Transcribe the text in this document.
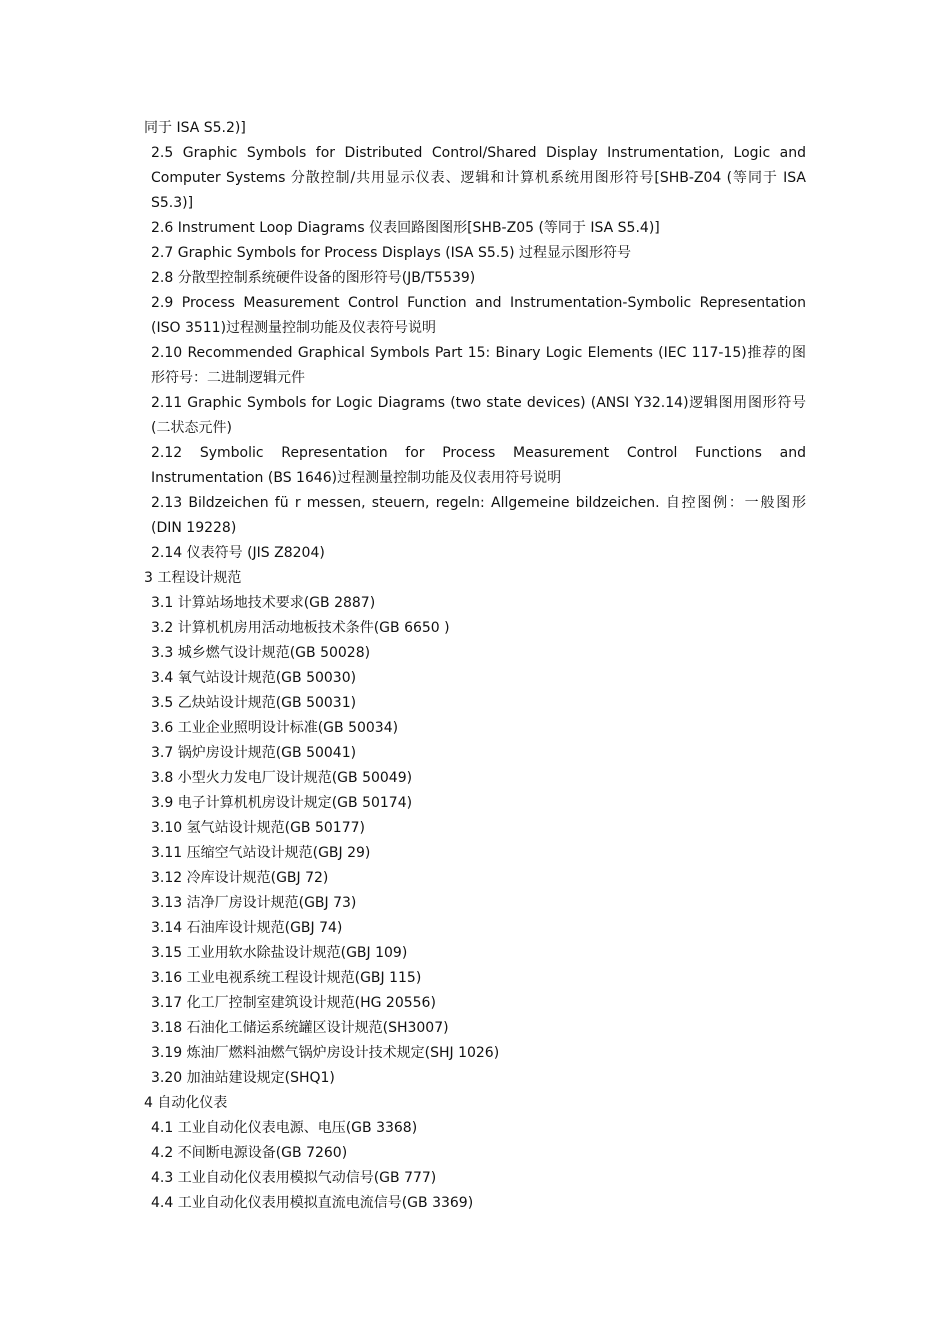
同于 ISA S5.2)]

2.5 Graphic Symbols for Distributed Control/Shared Display Instrumentation, Logic and Computer Systems 分散控制/共用显示仪表、逻辑和计算机系统用图形符号[SHB-Z04 (等同于 ISA S5.3)]

2.6 Instrument Loop Diagrams 仪表回路图图形[SHB-Z05 (等同于 ISA S5.4)]

2.7 Graphic Symbols for Process Displays (ISA S5.5) 过程显示图形符号

2.8 分散型控制系统硬件设备的图形符号(JB/T5539)

2.9 Process Measurement Control Function and Instrumentation-Symbolic Representation (ISO 3511)过程测量控制功能及仪表符号说明

2.10 Recommended Graphical Symbols Part 15: Binary Logic Elements (IEC 117-15)推荐的图形符号：二进制逻辑元件

2.11 Graphic Symbols for Logic Diagrams (two state devices) (ANSI Y32.14)逻辑图用图形符号(二状态元件)

2.12 Symbolic Representation for Process Measurement Control Functions and Instrumentation (BS 1646)过程测量控制功能及仪表用符号说明

2.13 Bildzeichen fü r messen, steuern, regeln: Allgemeine bildzeichen. 自控图例：一般图形(DIN 19228)

2.14 仪表符号 (JIS Z8204)

3 工程设计规范

3.1 计算站场地技术要求(GB 2887)

3.2 计算机机房用活动地板技术条件(GB 6650 )

3.3 城乡燃气设计规范(GB 50028)

3.4 氧气站设计规范(GB 50030)

3.5 乙炔站设计规范(GB 50031)

3.6 工业企业照明设计标准(GB 50034)

3.7 锅炉房设计规范(GB 50041)

3.8 小型火力发电厂设计规范(GB 50049)

3.9 电子计算机机房设计规定(GB 50174)

3.10 氢气站设计规范(GB 50177)

3.11 压缩空气站设计规范(GBJ 29)

3.12 冷库设计规范(GBJ 72)

3.13 洁净厂房设计规范(GBJ 73)

3.14 石油库设计规范(GBJ 74)

3.15 工业用软水除盐设计规范(GBJ 109)

3.16 工业电视系统工程设计规范(GBJ 115)

3.17 化工厂控制室建筑设计规范(HG 20556)

3.18 石油化工储运系统罐区设计规范(SH3007)

3.19 炼油厂燃料油燃气锅炉房设计技术规定(SHJ 1026)

3.20 加油站建设规定(SHQ1)

4 自动化仪表

4.1 工业自动化仪表电源、电压(GB 3368)

4.2 不间断电源设备(GB 7260)

4.3 工业自动化仪表用模拟气动信号(GB 777)

4.4 工业自动化仪表用模拟直流电流信号(GB 3369)
